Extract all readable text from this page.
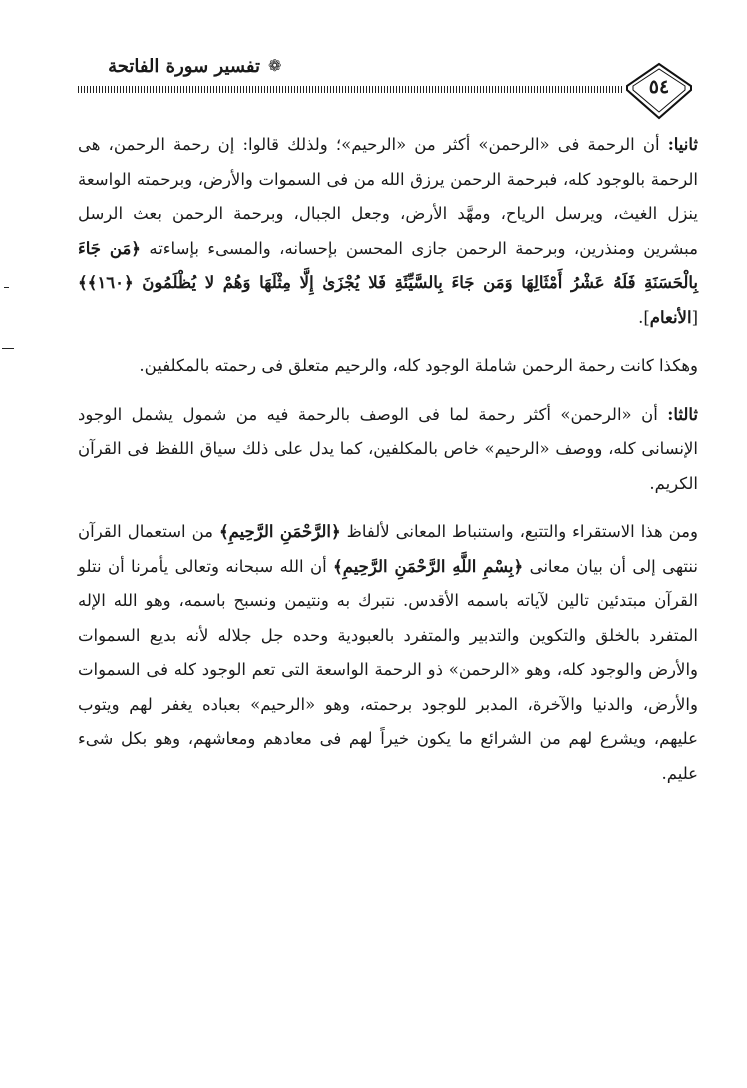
تفسير سورة الفاتحة ❁
٥٤

ثانيا: أن الرحمة فى «الرحمن» أكثر من «الرحيم»؛ ولذلك قالوا: إن رحمة الرحمن، هى الرحمة بالوجود كله، فبرحمة الرحمن يرزق الله من فى السموات والأرض، وبرحمته الواسعة ينزل الغيث، ويرسل الرياح، ومهَّد الأرض، وجعل الجبال، وبرحمة الرحمن بعث الرسل مبشرين ومنذرين، وبرحمة الرحمن جازى المحسن بإحسانه، والمسىء بإساءته ﴿مَن جَاءَ بِالْحَسَنَةِ فَلَهُ عَشْرُ أَمْثَالِهَا وَمَن جَاءَ بِالسَّيِّئَةِ فَلا يُجْزَىٰ إِلَّا مِثْلَهَا وَهُمْ لا يُظْلَمُونَ ﴿١٦٠﴾﴾ [الأنعام].

وهكذا كانت رحمة الرحمن شاملة الوجود كله، والرحيم متعلق فى رحمته بالمكلفين.

ثالثا: أن «الرحمن» أكثر رحمة لما فى الوصف بالرحمة فيه من شمول يشمل الوجود الإنسانى كله، ووصف «الرحيم» خاص بالمكلفين، كما يدل على ذلك سياق اللفظ فى القرآن الكريم.

ومن هذا الاستقراء والتتبع، واستنباط المعانى لألفاظ ﴿الرَّحْمَنِ الرَّحِيمِ﴾ من استعمال القرآن ننتهى إلى أن بيان معانى ﴿بِسْمِ اللَّهِ الرَّحْمَنِ الرَّحِيمِ﴾ أن الله سبحانه وتعالى يأمرنا أن نتلو القرآن مبتدئين تالين لآياته باسمه الأقدس. نتبرك به ونتيمن ونسبح باسمه، وهو الله الإله المتفرد بالخلق والتكوين والتدبير والمتفرد بالعبودية وحده جل جلاله لأنه بديع السموات والأرض والوجود كله، وهو «الرحمن» ذو الرحمة الواسعة التى تعم الوجود كله فى السموات والأرض، والدنيا والآخرة، المدبر للوجود برحمته، وهو «الرحيم» بعباده يغفر لهم ويتوب عليهم، ويشرع لهم من الشرائع ما يكون خيراً لهم فى معادهم ومعاشهم، وهو بكل شىء عليم.
